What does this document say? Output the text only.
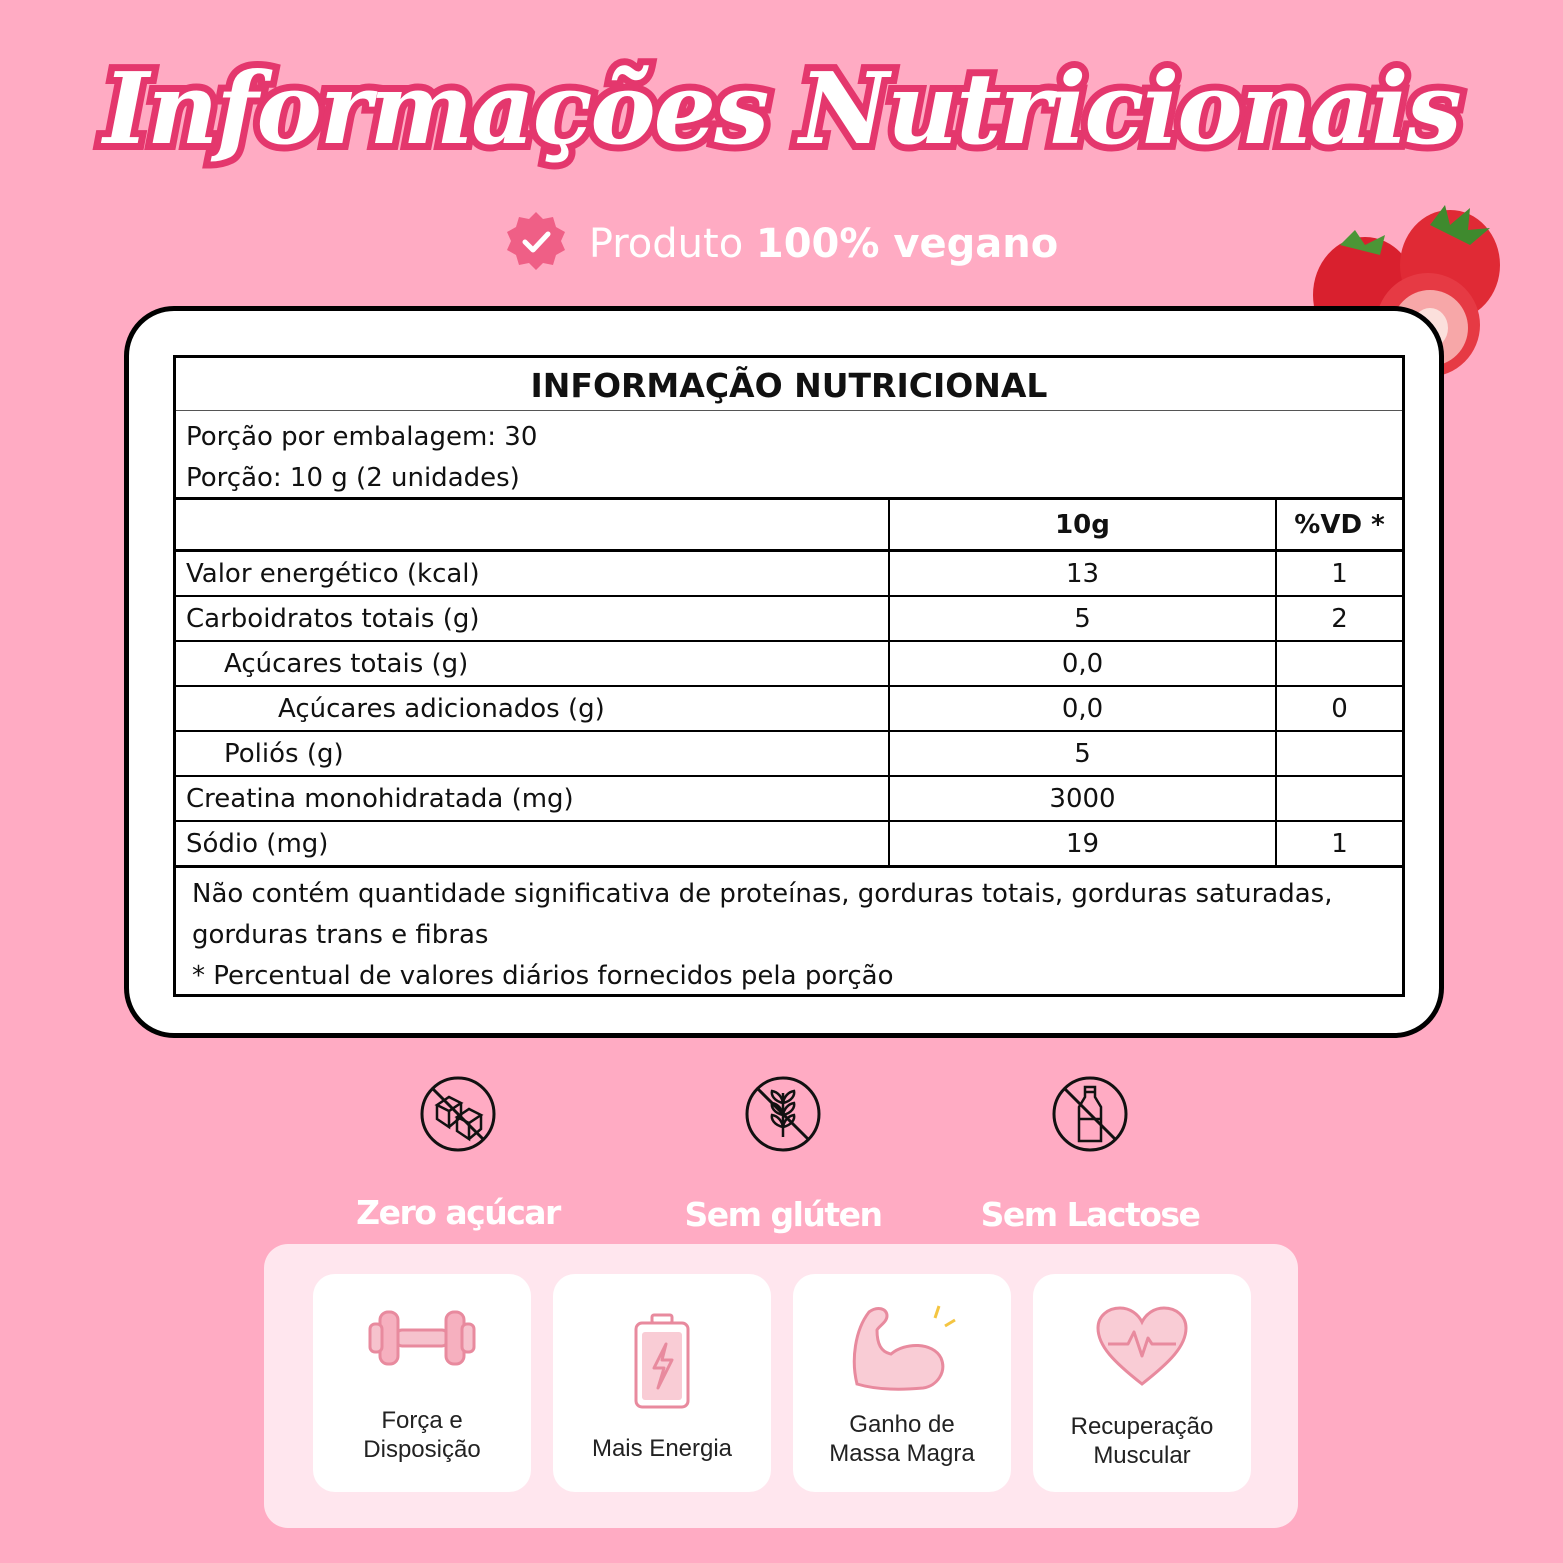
Informações Nutricionais
Produto 100% vegano
INFORMAÇÃO NUTRICIONAL
Porção por embalagem: 30
Porção: 10 g (2 unidades)
	10g	%VD *
Valor energético (kcal)	13	1
Carboidratos totais (g)	5	2
Açúcares totais (g)	0,0	
Açúcares adicionados (g)	0,0	0
Poliós (g)	5	
Creatina monohidratada (mg)	3000	
Sódio (mg)	19	1
Não contém quantidade significativa de proteínas, gorduras totais, gorduras saturadas,
gorduras trans e fibras
* Percentual de valores diários fornecidos pela porção
Zero açúcar	Sem glúten	Sem Lactose
Força e
Disposição	Mais Energia
Ganho de
Massa Magra
Recuperação
Muscular
